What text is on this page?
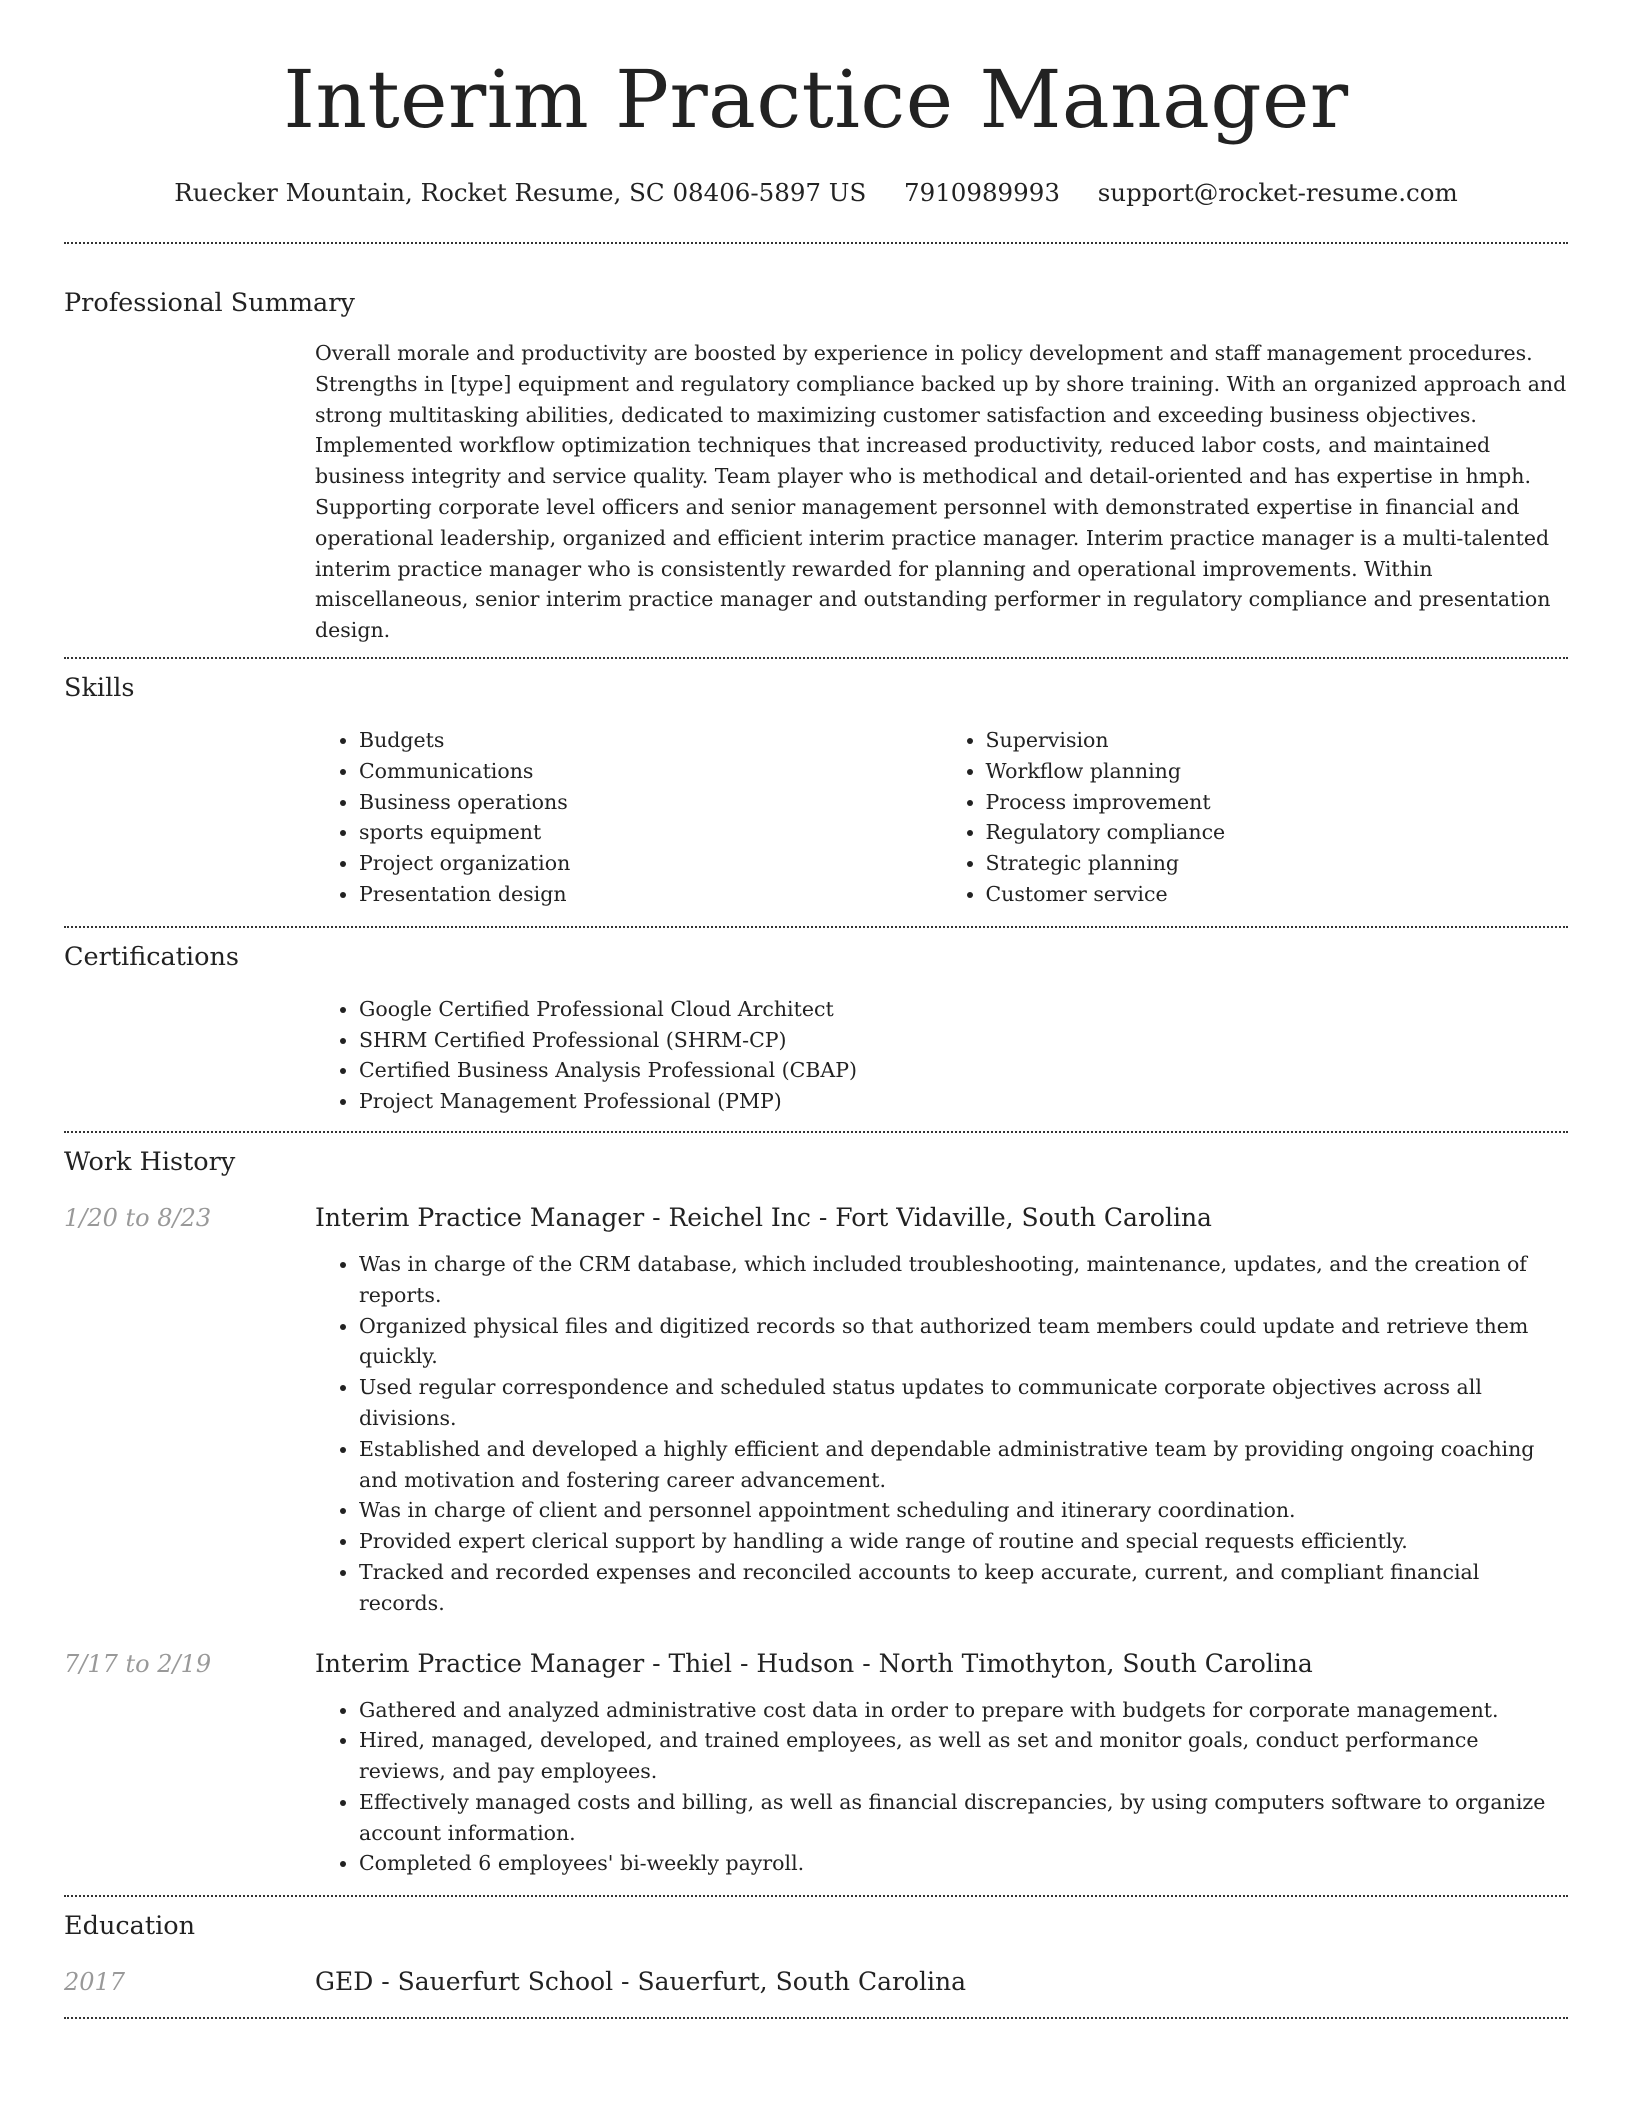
Interim Practice Manager
Ruecker Mountain, Rocket Resume, SC 08406-5897 US 7910989993 support@rocket-resume.com
Professional Summary

Overall morale and productivity are boosted by experience in policy development and staff management procedures. Strengths in [type] equipment and regulatory compliance backed up by shore training. With an organized approach and strong multitasking abilities, dedicated to maximizing customer satisfaction and exceeding business objectives. Implemented workflow optimization techniques that increased productivity, reduced labor costs, and maintained business integrity and service quality. Team player who is methodical and detail-oriented and has expertise in hmph. Supporting corporate level officers and senior management personnel with demonstrated expertise in financial and operational leadership, organized and efficient interim practice manager. Interim practice manager is a multi-talented interim practice manager who is consistently rewarded for planning and operational improvements. Within miscellaneous, senior interim practice manager and outstanding performer in regulatory compliance and presentation design.

Skills
• Budgets
• Communications
• Business operations
• sports equipment
• Project organization
• Presentation design
• Supervision
• Workflow planning
• Process improvement
• Regulatory compliance
• Strategic planning
• Customer service
Certifications
• Google Certified Professional Cloud Architect
• SHRM Certified Professional (SHRM-CP)
• Certified Business Analysis Professional (CBAP)
• Project Management Professional (PMP)
Work History
1/20 to 8/23	Interim Practice Manager - Reichel Inc - Fort Vidaville, South Carolina
• Was in charge of the CRM database, which included troubleshooting, maintenance, updates, and the creation of reports.
• Organized physical files and digitized records so that authorized team members could update and retrieve them quickly.
• Used regular correspondence and scheduled status updates to communicate corporate objectives across all divisions.
• Established and developed a highly efficient and dependable administrative team by providing ongoing coaching and motivation and fostering career advancement.
• Was in charge of client and personnel appointment scheduling and itinerary coordination.
• Provided expert clerical support by handling a wide range of routine and special requests efficiently.
• Tracked and recorded expenses and reconciled accounts to keep accurate, current, and compliant financial records.
7/17 to 2/19	Interim Practice Manager - Thiel - Hudson - North Timothyton, South Carolina
• Gathered and analyzed administrative cost data in order to prepare with budgets for corporate management.
• Hired, managed, developed, and trained employees, as well as set and monitor goals, conduct performance reviews, and pay employees.
• Effectively managed costs and billing, as well as financial discrepancies, by using computers software to organize account information.
• Completed 6 employees' bi-weekly payroll.
Education
2017	GED - Sauerfurt School - Sauerfurt, South Carolina
